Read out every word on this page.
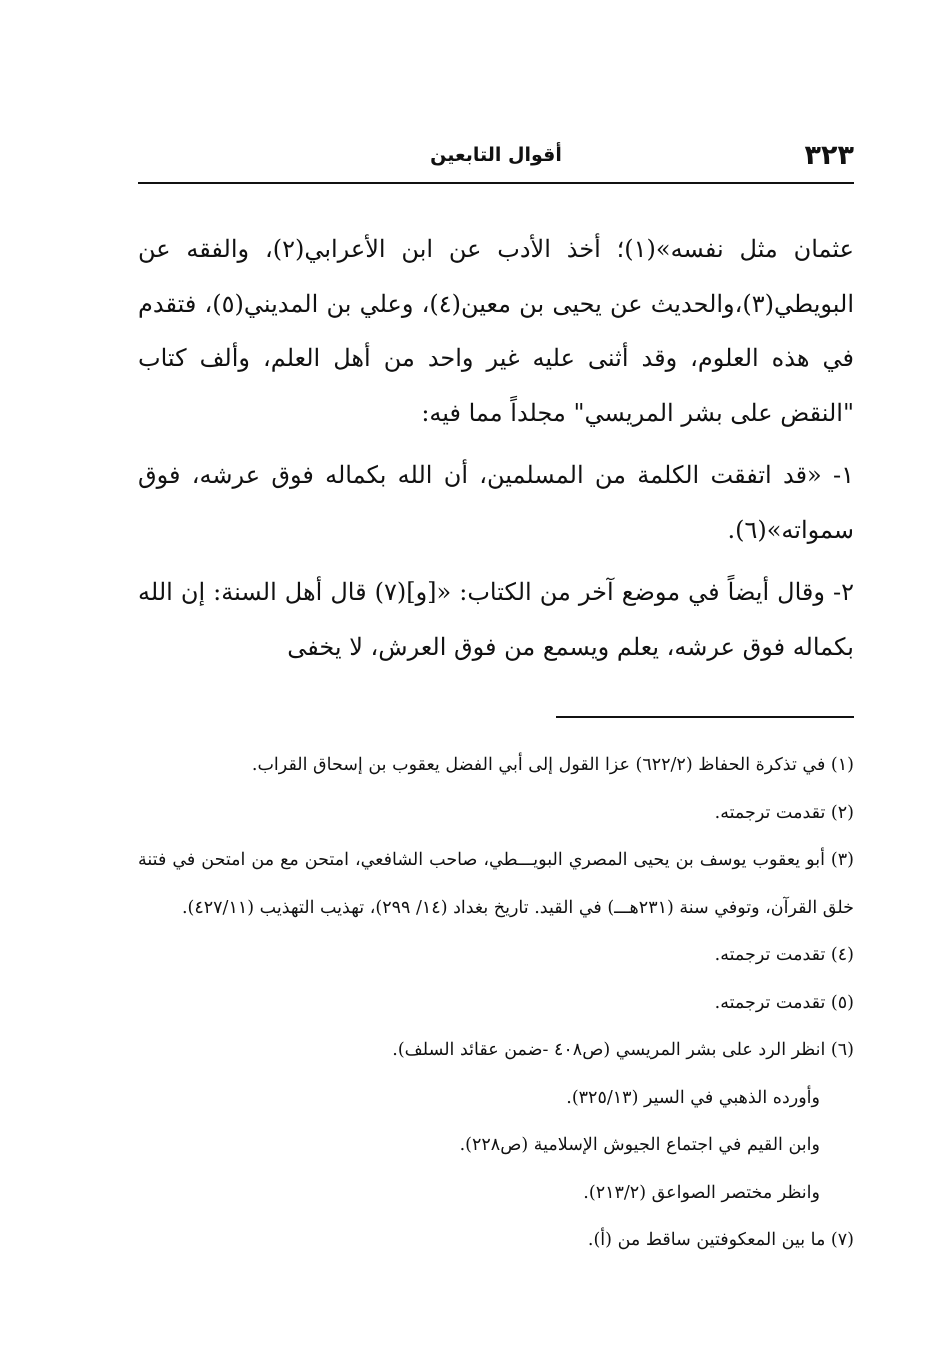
٣٢٣
أقوال التابعين

عثمان مثل نفسه»(١)؛ أخذ الأدب عن ابن الأعرابي(٢)، والفقه عن البويطي(٣)،والحديث عن يحيى بن معين(٤)، وعلي بن المديني(٥)، فتقدم في هذه العلوم، وقد أثنى عليه غير واحد من أهل العلم، وألف كتاب "النقض على بشر المريسي" مجلداً مما فيه:

١- «قد اتفقت الكلمة من المسلمين، أن الله بكماله فوق عرشه، فوق سمواته»(٦).

٢- وقال أيضاً في موضع آخر من الكتاب: «[و](٧) قال أهل السنة: إن الله بكماله فوق عرشه، يعلم ويسمع من فوق العرش، لا يخفى

(١) في تذكرة الحفاظ (٦٢٢/٢) عزا القول إلى أبي الفضل يعقوب بن إسحاق القراب.

(٢) تقدمت ترجمته.

(٣) أبو يعقوب يوسف بن يحيى المصري البويـــطي، صاحب الشافعي، امتحن مع من امتحن في فتنة خلق القرآن، وتوفي سنة (٢٣١هـــ) في القيد. تاريخ بغداد (١٤/ ٢٩٩)، تهذيب التهذيب (٤٢٧/١١).

(٤) تقدمت ترجمته.

(٥) تقدمت ترجمته.

(٦) انظر الرد على بشر المريسي (ص٤٠٨ -ضمن عقائد السلف).

وأورده الذهبي في السير (٣٢٥/١٣).

وابن القيم في اجتماع الجيوش الإسلامية (ص٢٢٨).

وانظر مختصر الصواعق (٢١٣/٢).

(٧) ما بين المعكوفتين ساقط من (أ).
